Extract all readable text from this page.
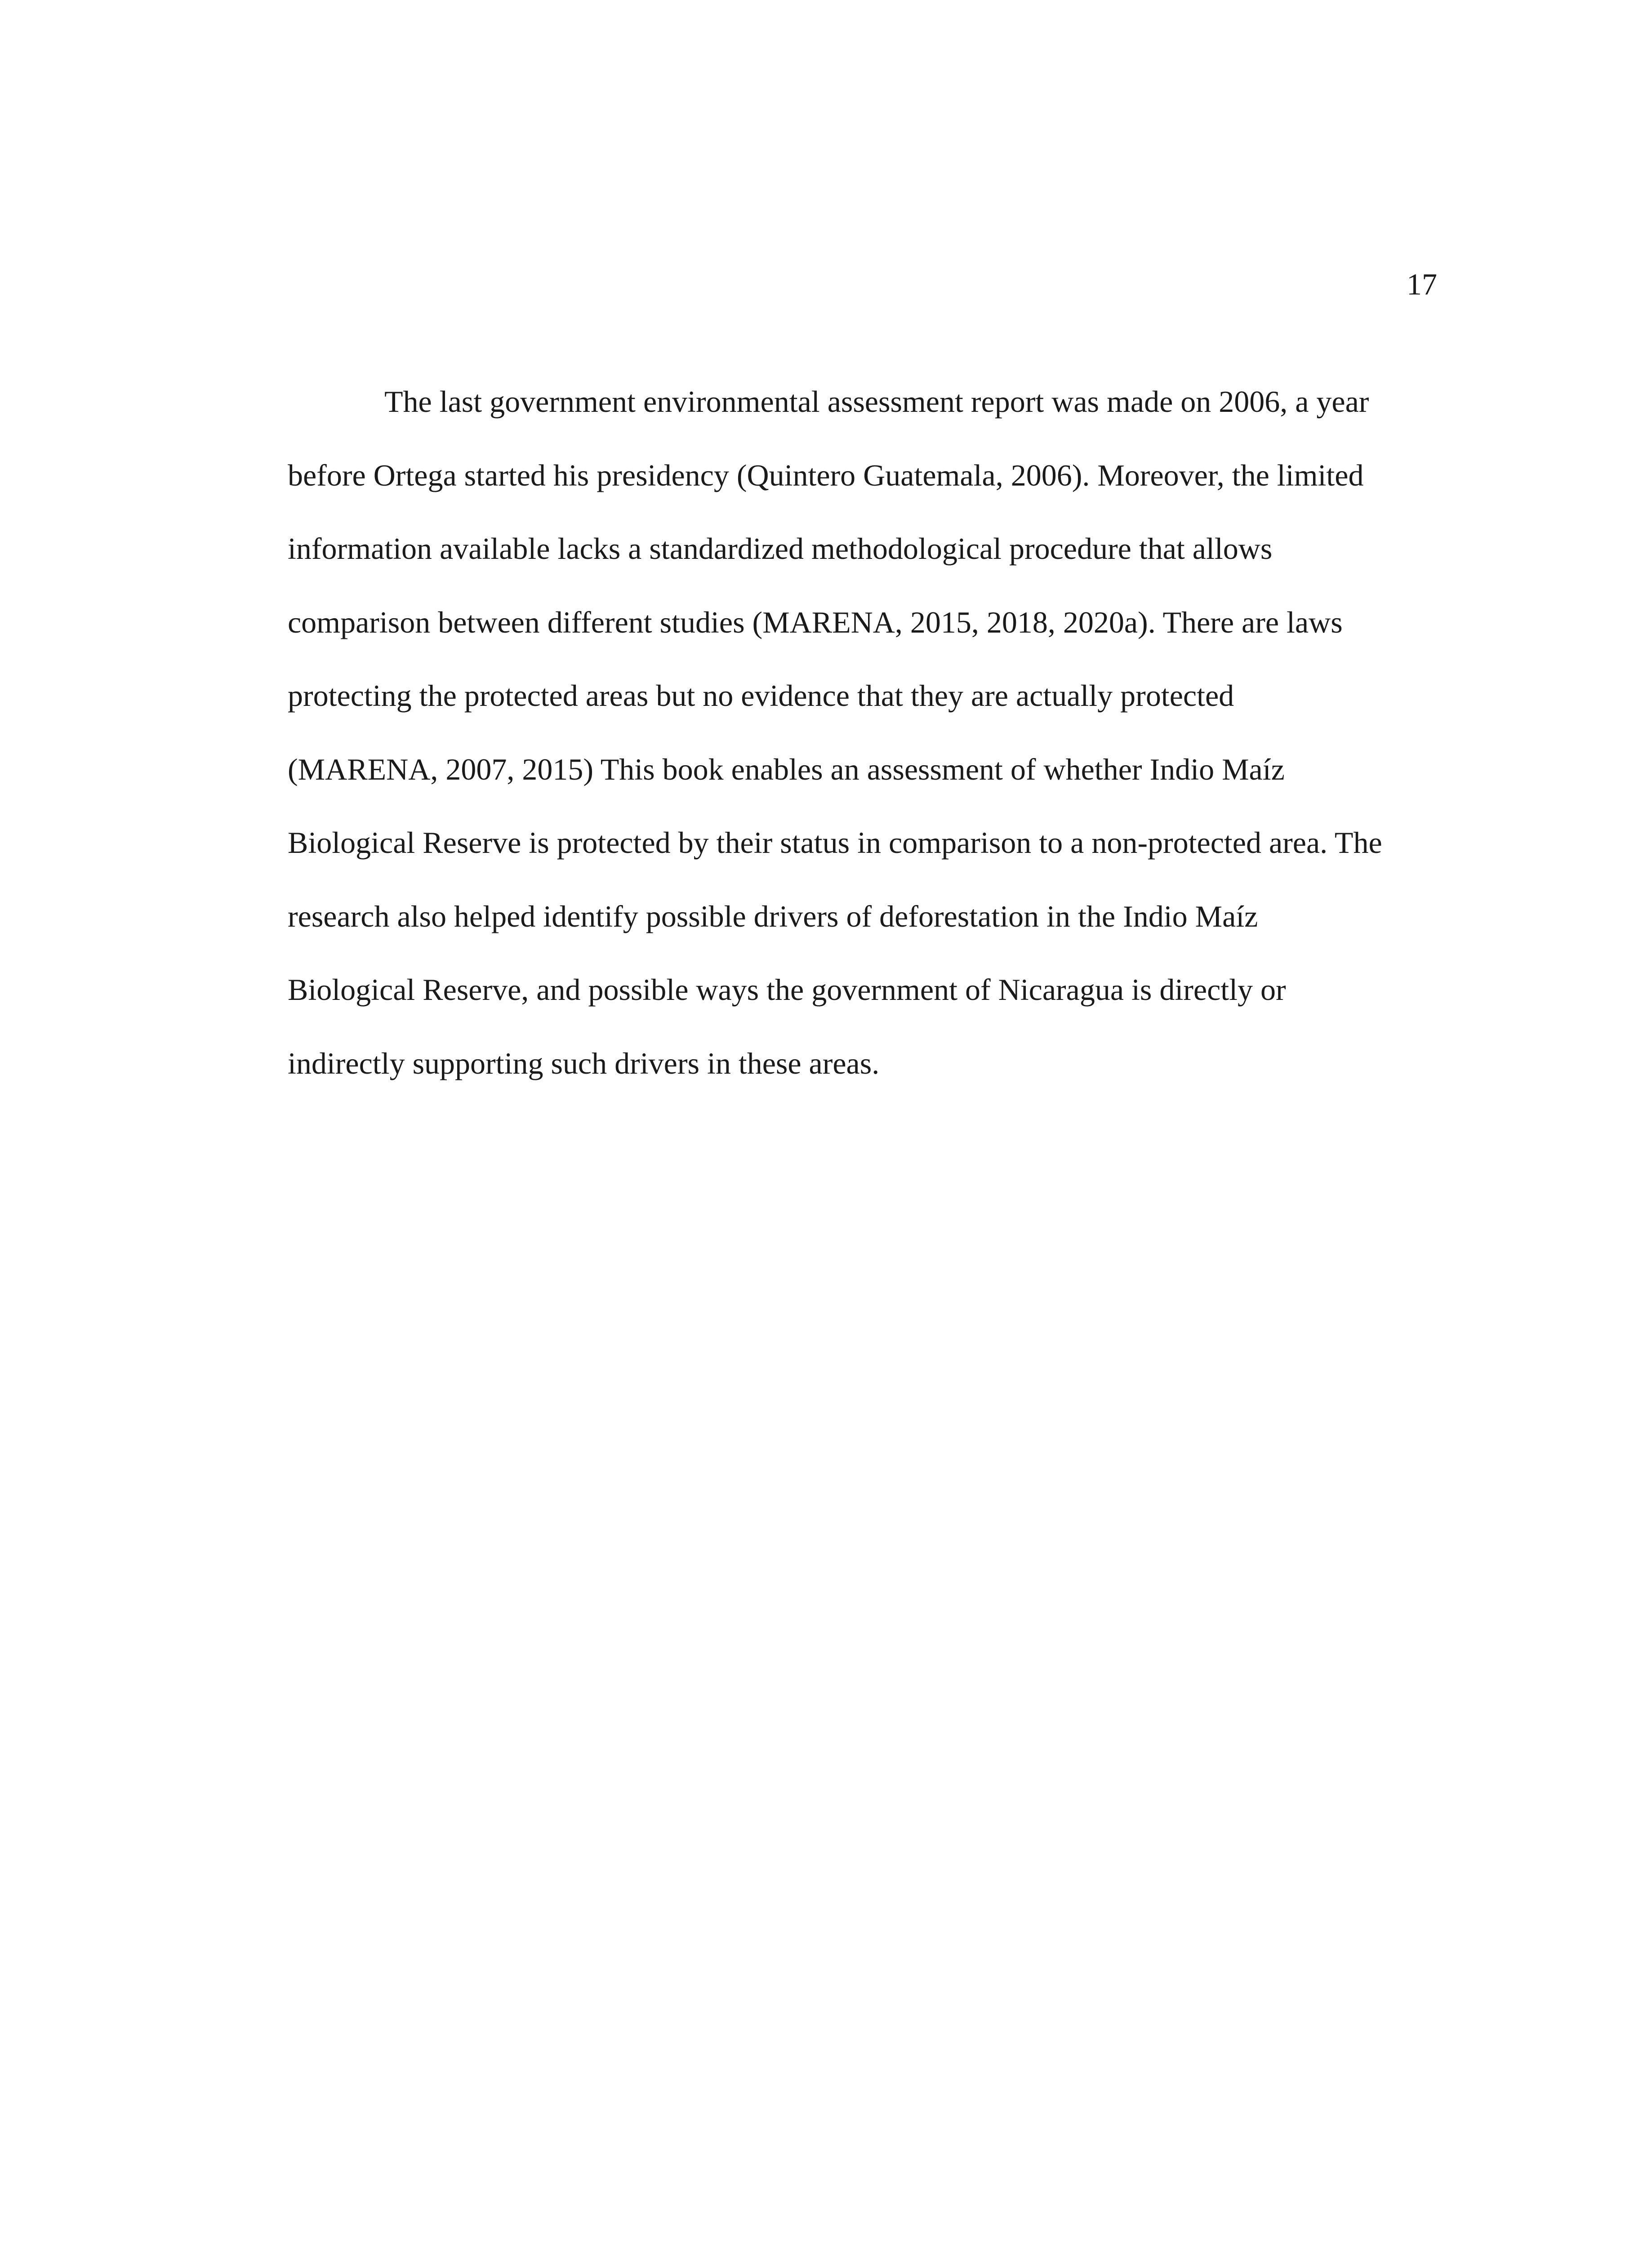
17
The last government environmental assessment report was made on 2006, a year
before Ortega started his presidency (Quintero Guatemala, 2006). Moreover, the limited
information available lacks a standardized methodological procedure that allows
comparison between different studies (MARENA, 2015, 2018, 2020a). There are laws
protecting the protected areas but no evidence that they are actually protected
(MARENA, 2007, 2015) This book enables an assessment of whether Indio Maíz
Biological Reserve is protected by their status in comparison to a non-protected area. The
research also helped identify possible drivers of deforestation in the Indio Maíz
Biological Reserve, and possible ways the government of Nicaragua is directly or
indirectly supporting such drivers in these areas.
